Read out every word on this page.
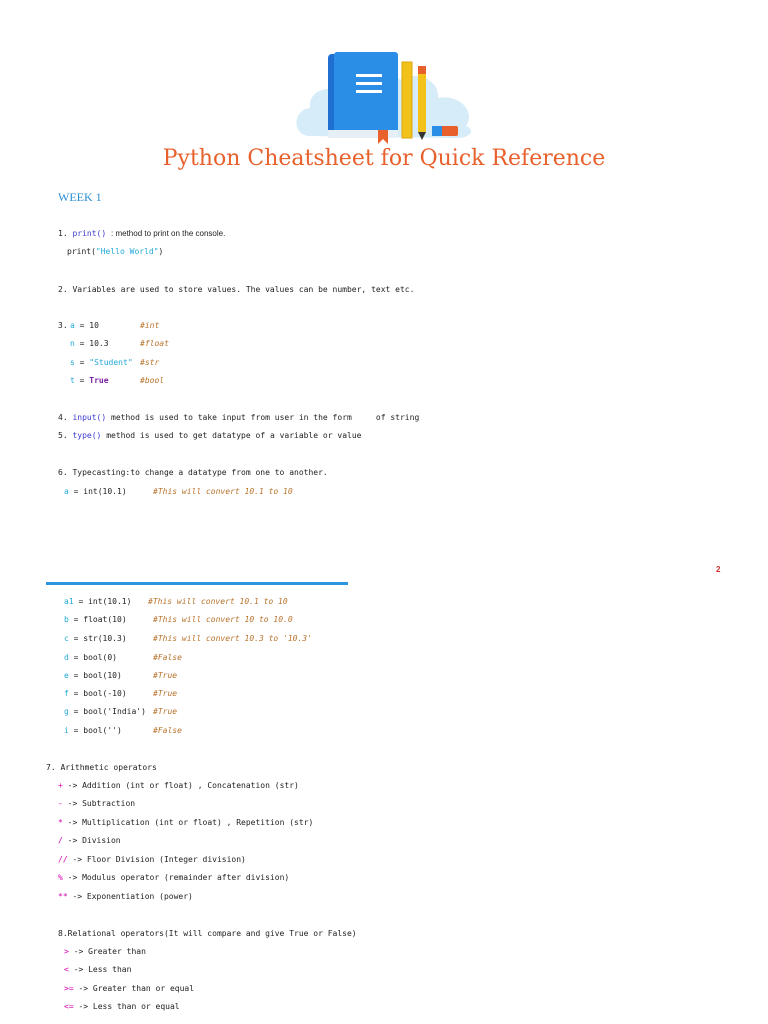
Python Cheatsheet for Quick Reference
WEEK 1
1. print() : method to print on the console.
print("Hello World")
2. Variables are used to store values. The values can be number, text etc.
3. a = 10	#int
n = 10.3	#float
s = "Student" #str
t = True	#bool
4. input() method is used to take input from user in the form     of string
5. type() method is used to get datatype of a variable or value
6. Typecasting:to change a datatype from one to another.
a = int(10.1)	#This will convert 10.1 to 10
2
a1 = int(10.1) #This will convert 10.1 to 10
b = float(10)	#This will convert 10 to 10.0
c = str(10.3)	#This will convert 10.3 to '10.3'
d = bool(0)	#False
e = bool(10)	#True
f = bool(-10)	#True
g = bool('India') #True
i = bool('')	#False
7. Arithmetic operators
+ -> Addition (int or float) , Concatenation (str)
- -> Subtraction
* -> Multiplication (int or float) , Repetition (str)
/ -> Division
// -> Floor Division (Integer division)
% -> Modulus operator (remainder after division)
** -> Exponentiation (power)
8.Relational operators(It will compare and give True or False)
> -> Greater than
< -> Less than
>= -> Greater than or equal
<= -> Less than or equal
